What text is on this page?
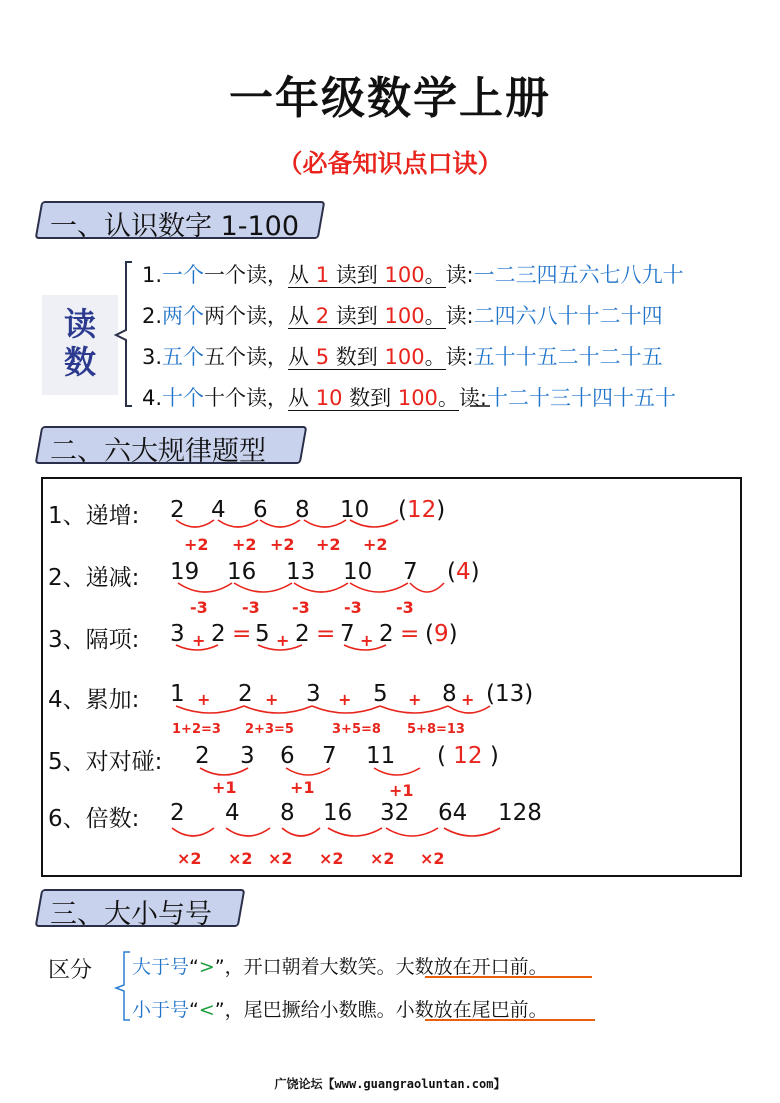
一年级数学上册
（必备知识点口诀）
一、认识数字 1-100
读
数
1.一个一个读，从 1 读到 100。读:一二三四五六七八九十
2.两个两个读，从 2 读到 100。读:二四六八十十二十四
3.五个五个读，从 5 数到 100。读:五十十五二十二十五
4.十个十个读，从 10 数到 100。读:十二十三十四十五十
二、六大规律题型
1、递增: 2 4 6 8 10 (12)
+2 +2 +2 +2 +2
2、递减: 19 16 13 10 7 (4)
-3 -3 -3 -3 -3
3、隔项: 3 2 = 5 2 = 7 2 = (9)
+	+	+
4、累加: 1 2 3 5 8 (13)
+	+	+	+ +
1+2=3 2+3=5	3+5=8 5+8=13
5、对对碰: 2 3 6 7 11 ( 12 )
+1	+1	+1
6、倍数: 2 4 8 16 32 64 128
×2 ×2 ×2 ×2 ×2 ×2
三、大小与号
区分 大于号“>”，开口朝着大数笑。大数放在开口前。
小于号“<”，尾巴撅给小数瞧。小数放在尾巴前。
广饶论坛【www.guangraoluntan.com】
